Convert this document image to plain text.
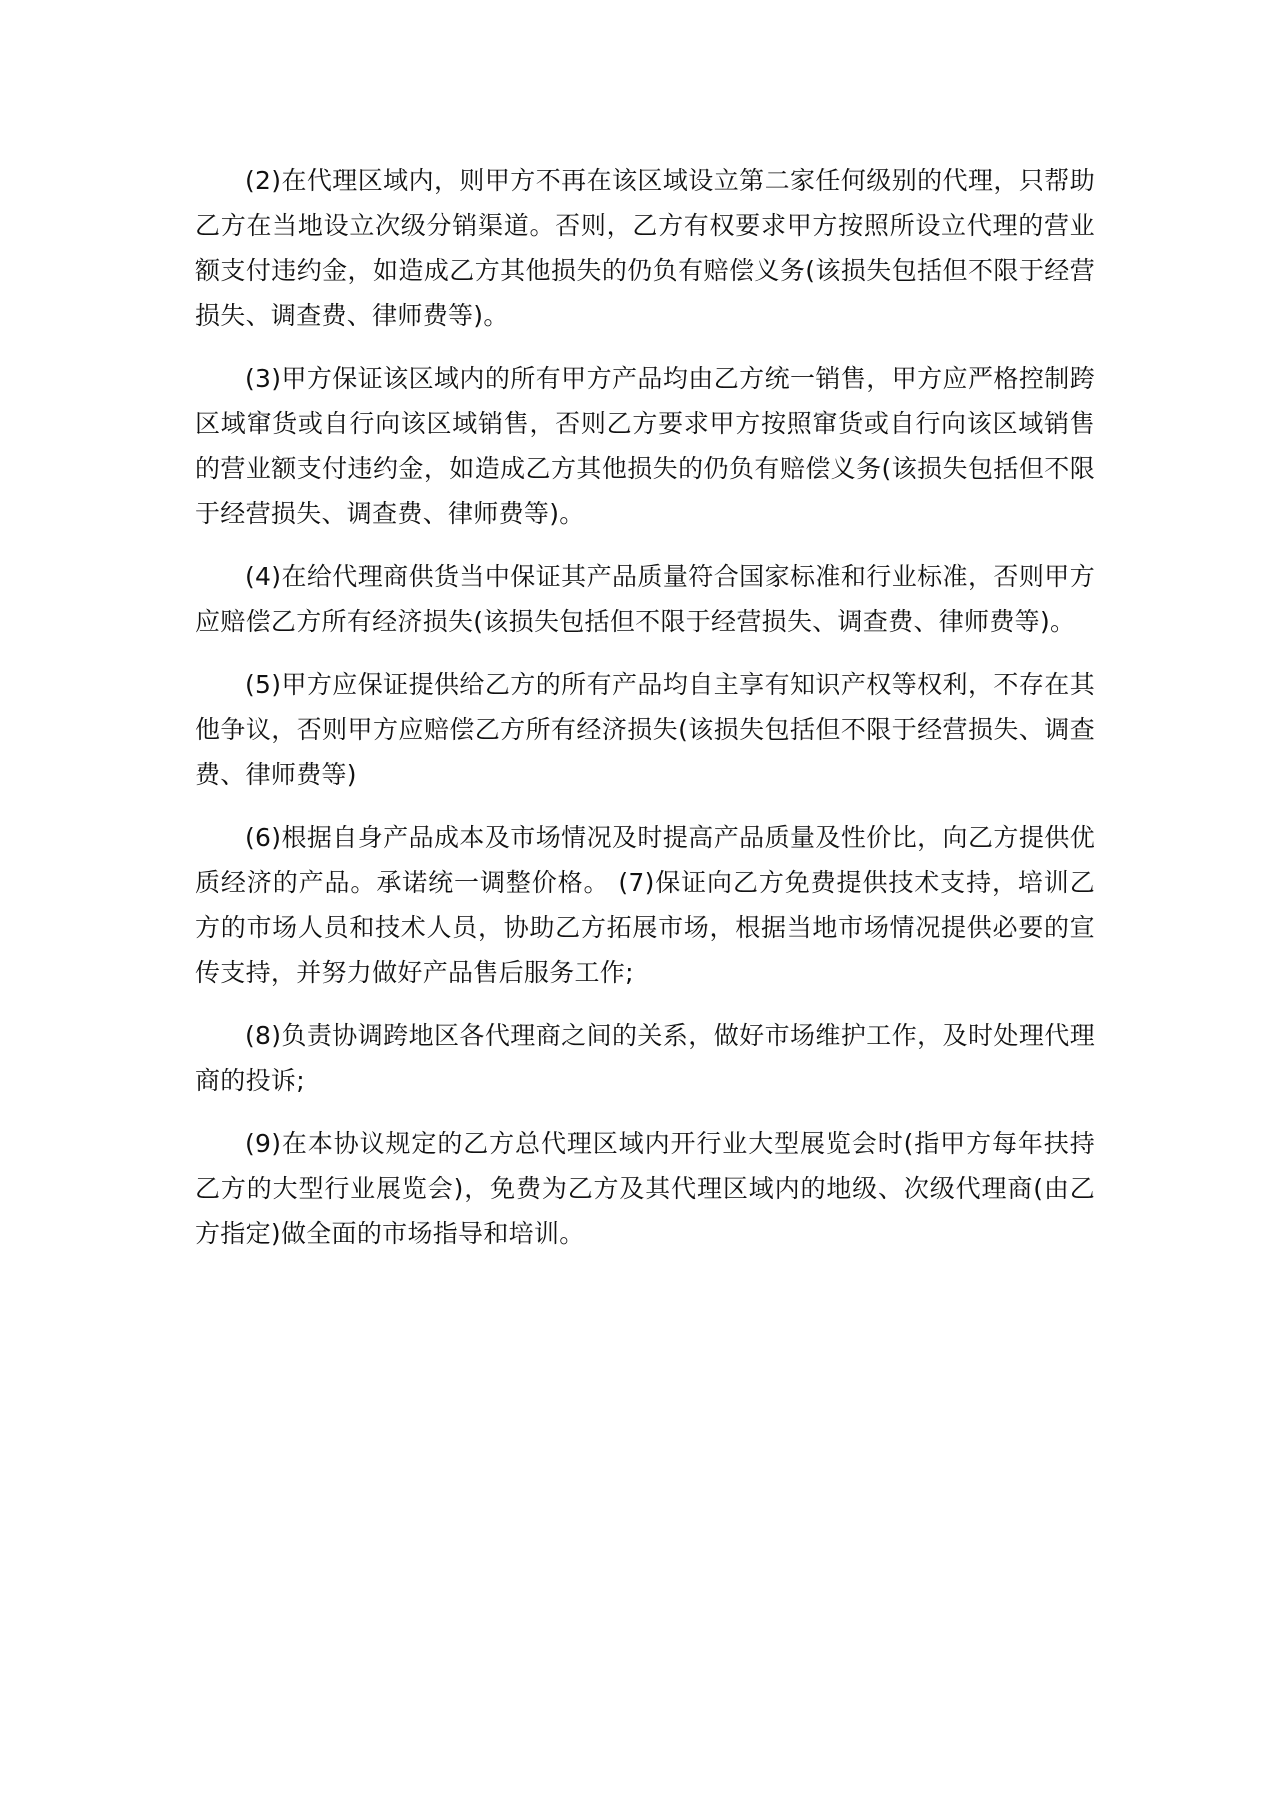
(2)在代理区域内，则甲方不再在该区域设立第二家任何级别的代理，只帮助乙方在当地设立次级分销渠道。否则，乙方有权要求甲方按照所设立代理的营业额支付违约金，如造成乙方其他损失的仍负有赔偿义务(该损失包括但不限于经营损失、调查费、律师费等)。

(3)甲方保证该区域内的所有甲方产品均由乙方统一销售，甲方应严格控制跨区域窜货或自行向该区域销售，否则乙方要求甲方按照窜货或自行向该区域销售的营业额支付违约金，如造成乙方其他损失的仍负有赔偿义务(该损失包括但不限于经营损失、调查费、律师费等)。

(4)在给代理商供货当中保证其产品质量符合国家标准和行业标准，否则甲方应赔偿乙方所有经济损失(该损失包括但不限于经营损失、调查费、律师费等)。

(5)甲方应保证提供给乙方的所有产品均自主享有知识产权等权利，不存在其他争议，否则甲方应赔偿乙方所有经济损失(该损失包括但不限于经营损失、调查费、律师费等)

(6)根据自身产品成本及市场情况及时提高产品质量及性价比，向乙方提供优质经济的产品。承诺统一调整价格。 (7)保证向乙方免费提供技术支持，培训乙方的市场人员和技术人员，协助乙方拓展市场，根据当地市场情况提供必要的宣传支持，并努力做好产品售后服务工作;

(8)负责协调跨地区各代理商之间的关系，做好市场维护工作，及时处理代理商的投诉;

(9)在本协议规定的乙方总代理区域内开行业大型展览会时(指甲方每年扶持乙方的大型行业展览会)，免费为乙方及其代理区域内的地级、次级代理商(由乙方指定)做全面的市场指导和培训。
